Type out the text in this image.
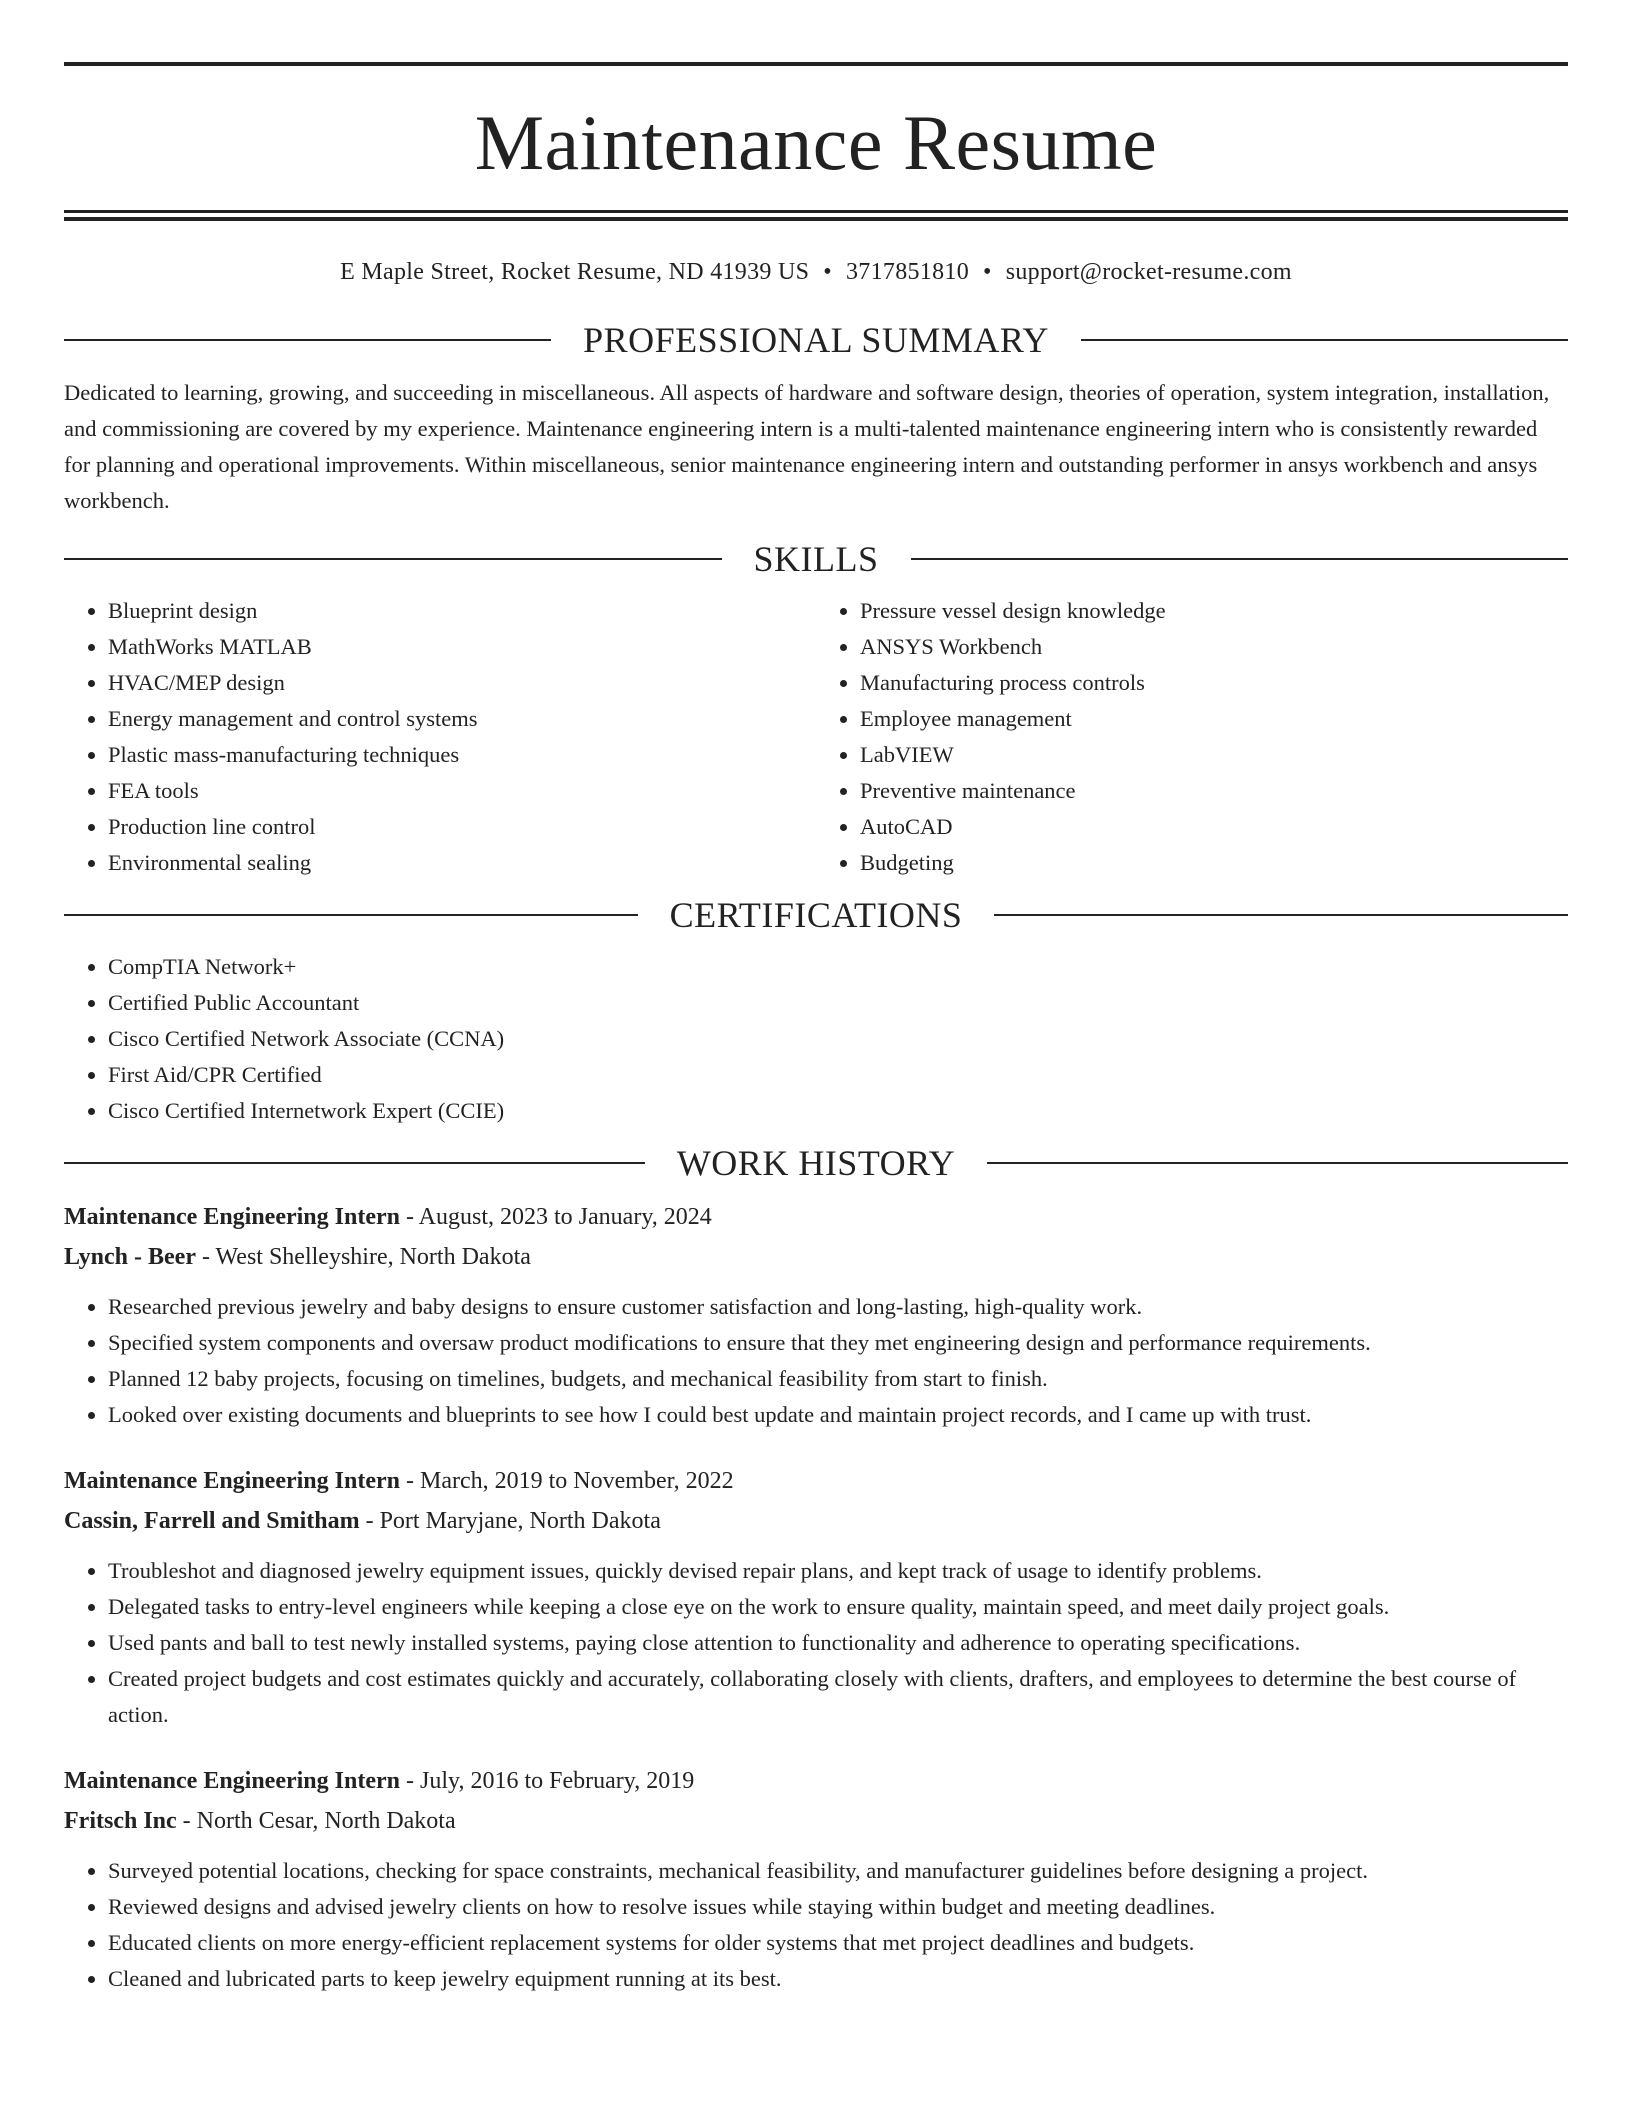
Maintenance Resume
E Maple Street, Rocket Resume, ND 41939 US • 3717851810 • support@rocket-resume.com
PROFESSIONAL SUMMARY

Dedicated to learning, growing, and succeeding in miscellaneous. All aspects of hardware and software design, theories of operation, system integration, installation, and commissioning are covered by my experience. Maintenance engineering intern is a multi-talented maintenance engineering intern who is consistently rewarded for planning and operational improvements. Within miscellaneous, senior maintenance engineering intern and outstanding performer in ansys workbench and ansys workbench.

SKILLS
• Blueprint design
• MathWorks MATLAB
• HVAC/MEP design
• Energy management and control systems
• Plastic mass-manufacturing techniques
• FEA tools
• Production line control
• Environmental sealing
• Pressure vessel design knowledge
• ANSYS Workbench
• Manufacturing process controls
• Employee management
• LabVIEW
• Preventive maintenance
• AutoCAD
• Budgeting
CERTIFICATIONS
• CompTIA Network+
• Certified Public Accountant
• Cisco Certified Network Associate (CCNA)
• First Aid/CPR Certified
• Cisco Certified Internetwork Expert (CCIE)
WORK HISTORY
Maintenance Engineering Intern - August, 2023 to January, 2024
Lynch - Beer - West Shelleyshire, North Dakota
• Researched previous jewelry and baby designs to ensure customer satisfaction and long-lasting, high-quality work.
• Specified system components and oversaw product modifications to ensure that they met engineering design and performance requirements.
• Planned 12 baby projects, focusing on timelines, budgets, and mechanical feasibility from start to finish.
• Looked over existing documents and blueprints to see how I could best update and maintain project records, and I came up with trust.
Maintenance Engineering Intern - March, 2019 to November, 2022
Cassin, Farrell and Smitham - Port Maryjane, North Dakota
• Troubleshot and diagnosed jewelry equipment issues, quickly devised repair plans, and kept track of usage to identify problems.
• Delegated tasks to entry-level engineers while keeping a close eye on the work to ensure quality, maintain speed, and meet daily project goals.
• Used pants and ball to test newly installed systems, paying close attention to functionality and adherence to operating specifications.
• Created project budgets and cost estimates quickly and accurately, collaborating closely with clients, drafters, and employees to determine the best course of action.
Maintenance Engineering Intern - July, 2016 to February, 2019
Fritsch Inc - North Cesar, North Dakota
• Surveyed potential locations, checking for space constraints, mechanical feasibility, and manufacturer guidelines before designing a project.
• Reviewed designs and advised jewelry clients on how to resolve issues while staying within budget and meeting deadlines.
• Educated clients on more energy-efficient replacement systems for older systems that met project deadlines and budgets.
• Cleaned and lubricated parts to keep jewelry equipment running at its best.
